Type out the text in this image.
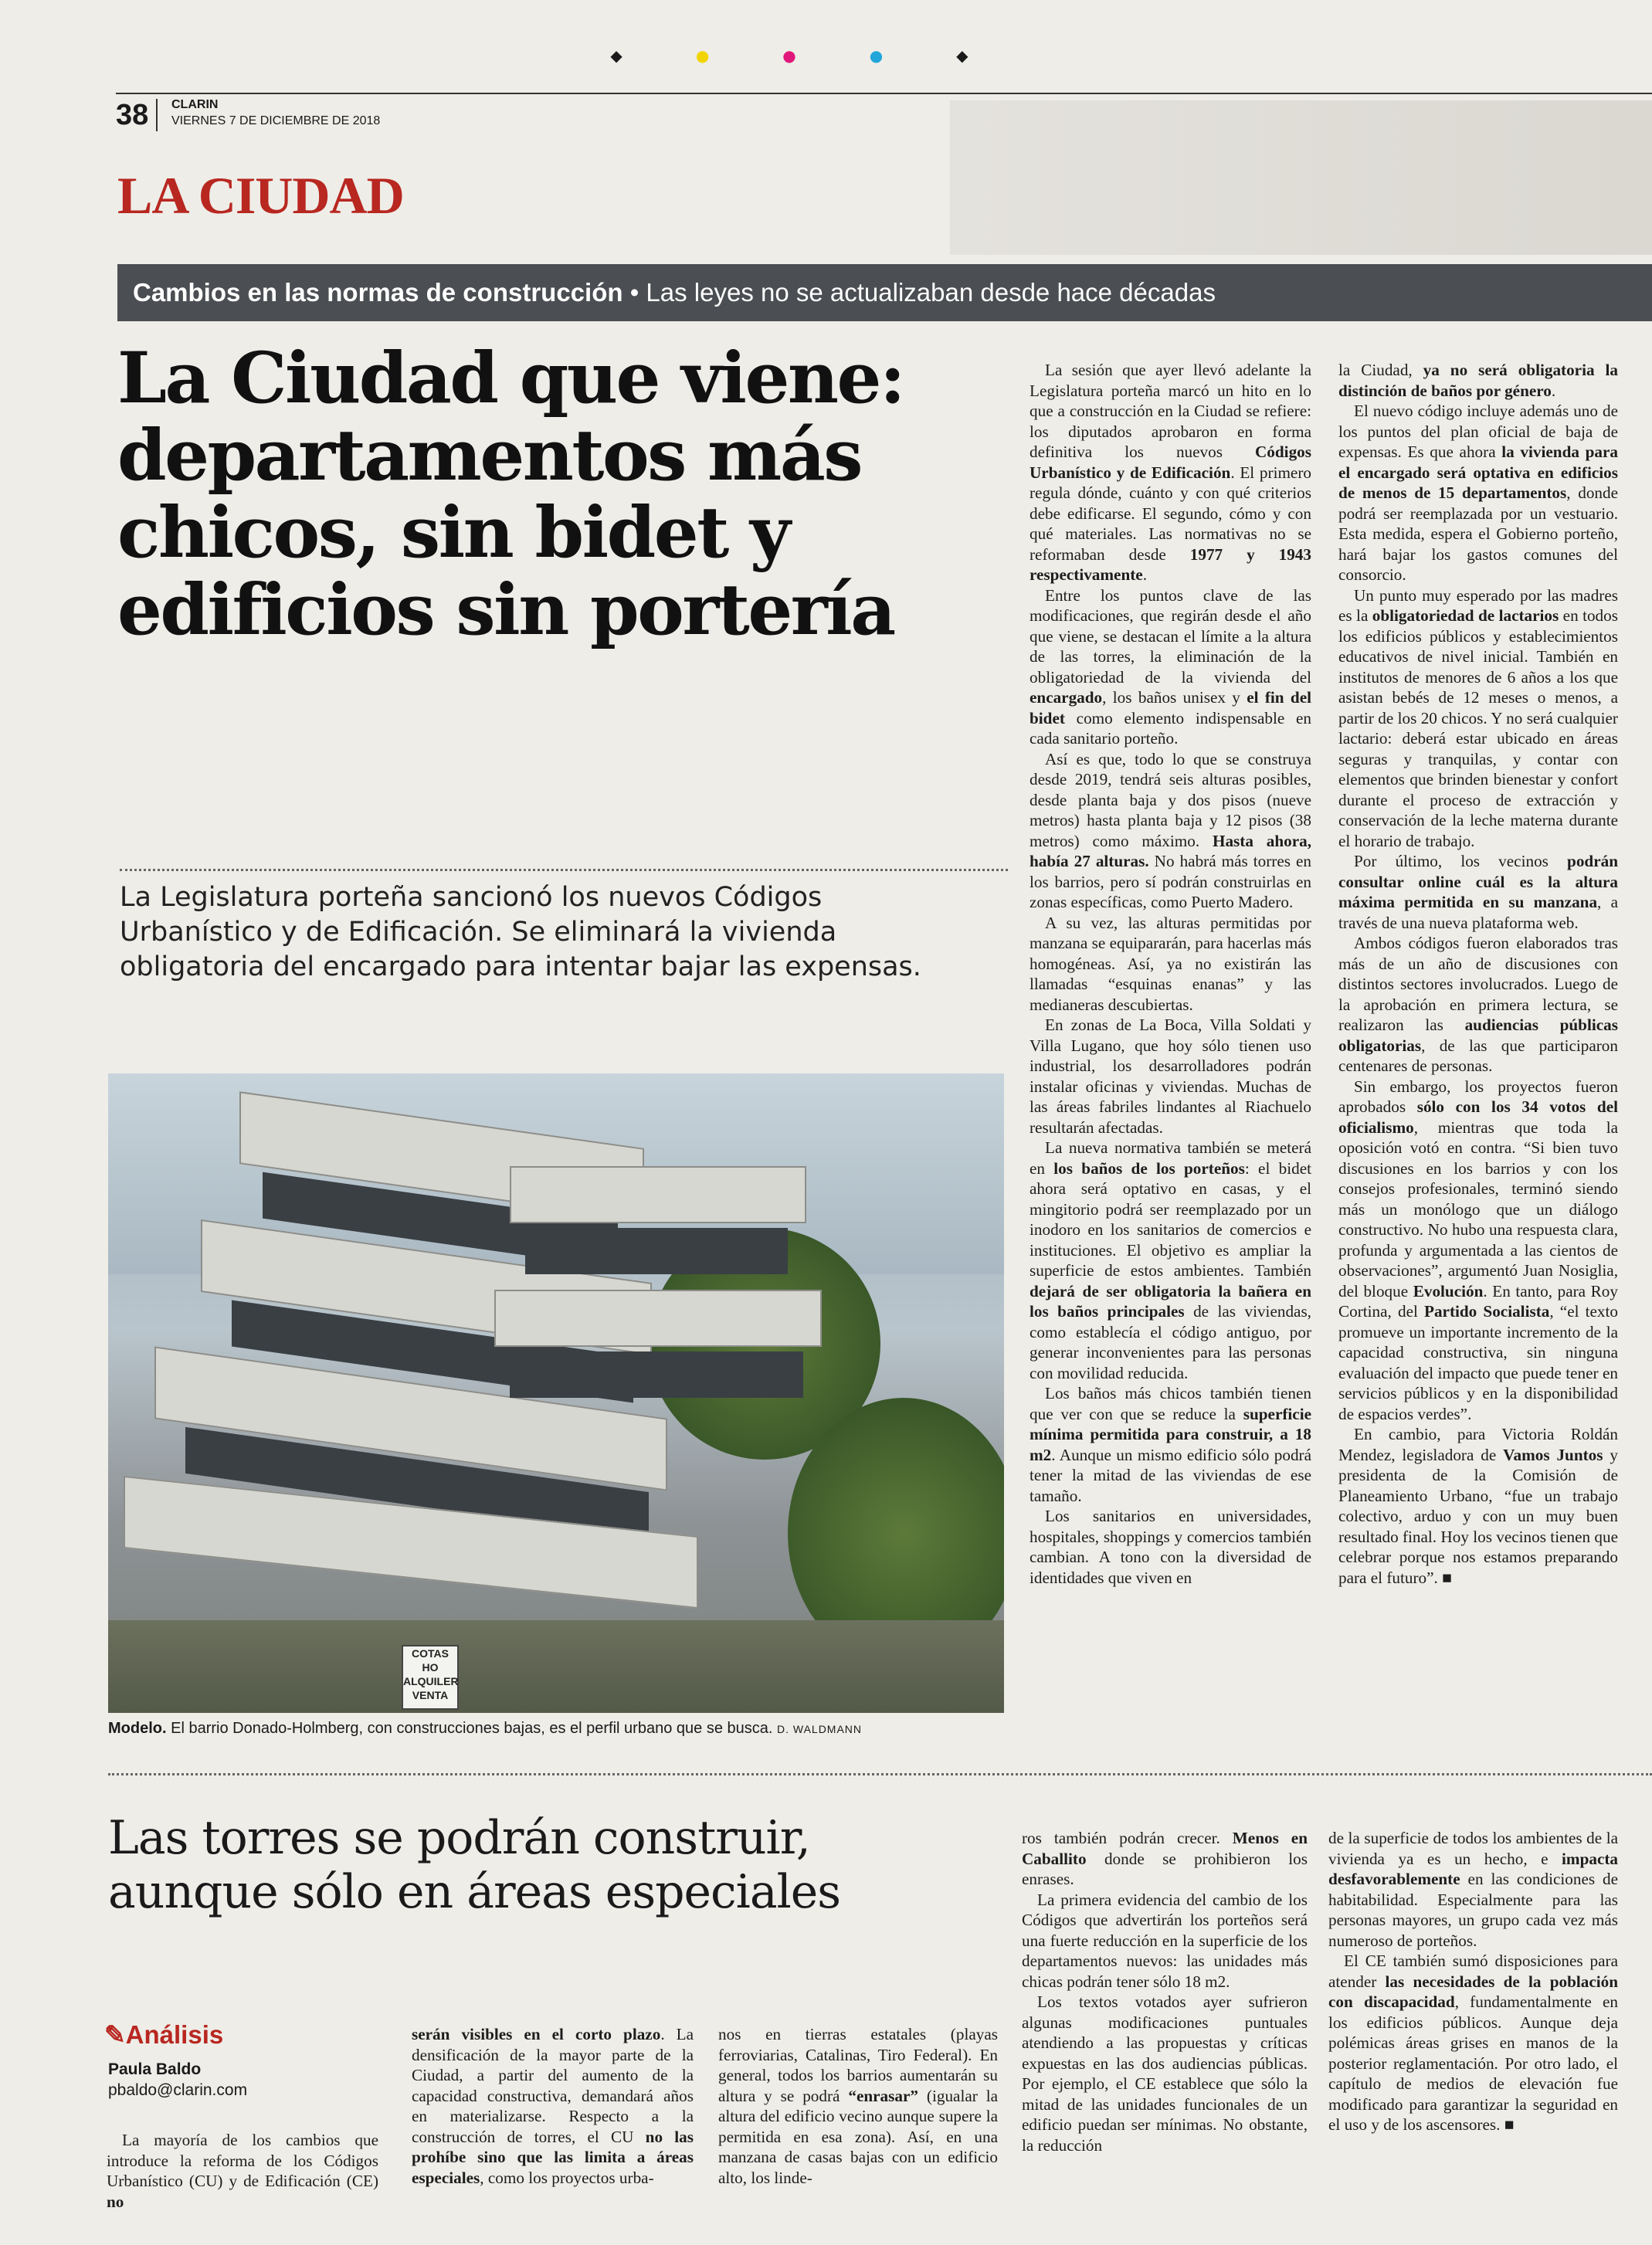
◆●●●◆
38	CLARIN
VIERNES 7 DE DICIEMBRE DE 2018
LA CIUDAD
Cambios en las normas de construcción • Las leyes no se actualizaban desde hace décadas
La Ciudad que viene:
departamentos más
chicos, sin bidet y
edificios sin portería
La Legislatura porteña sancionó los nuevos Códigos
Urbanístico y de Edificación. Se eliminará la vivienda
obligatoria del encargado para intentar bajar las expensas.
COTAS
HO
ALQUILER
VENTA
Modelo. El barrio Donado-Holmberg, con construcciones bajas, es el perfil urbano que se busca. D. WALDMANN

La sesión que ayer llevó adelante la Legislatura porteña marcó un hito en lo que a construcción en la Ciudad se refiere: los diputados aprobaron en forma definitiva los nuevos Códigos Urbanístico y de Edificación. El primero regula dónde, cuánto y con qué criterios debe edificarse. El segundo, cómo y con qué materiales. Las normativas no se reformaban desde 1977 y 1943 respectivamente.

Entre los puntos clave de las modificaciones, que regirán desde el año que viene, se destacan el límite a la altura de las torres, la eliminación de la obligatoriedad de la vivienda del encargado, los baños unisex y el fin del bidet como elemento indispensable en cada sanitario porteño.

Así es que, todo lo que se construya desde 2019, tendrá seis alturas posibles, desde planta baja y dos pisos (nueve metros) hasta planta baja y 12 pisos (38 metros) como máximo. Hasta ahora, había 27 alturas. No habrá más torres en los barrios, pero sí podrán construirlas en zonas específicas, como Puerto Madero.

A su vez, las alturas permitidas por manzana se equipararán, para hacerlas más homogéneas. Así, ya no existirán las llamadas “esquinas enanas” y las medianeras descubiertas.

En zonas de La Boca, Villa Soldati y Villa Lugano, que hoy sólo tienen uso industrial, los desarrolladores podrán instalar oficinas y viviendas. Muchas de las áreas fabriles lindantes al Riachuelo resultarán afectadas.

La nueva normativa también se meterá en los baños de los porteños: el bidet ahora será optativo en casas, y el mingitorio podrá ser reemplazado por un inodoro en los sanitarios de comercios e instituciones. El objetivo es ampliar la superficie de estos ambientes. También dejará de ser obligatoria la bañera en los baños principales de las viviendas, como establecía el código antiguo, por generar inconvenientes para las personas con movilidad reducida.

Los baños más chicos también tienen que ver con que se reduce la superficie mínima permitida para construir, a 18 m2. Aunque un mismo edificio sólo podrá tener la mitad de las viviendas de ese tamaño.

Los sanitarios en universidades, hospitales, shoppings y comercios también cambian. A tono con la diversidad de identidades que viven en

la Ciudad, ya no será obligatoria la distinción de baños por género.

El nuevo código incluye además uno de los puntos del plan oficial de baja de expensas. Es que ahora la vivienda para el encargado será optativa en edificios de menos de 15 departamentos, donde podrá ser reemplazada por un vestuario. Esta medida, espera el Gobierno porteño, hará bajar los gastos comunes del consorcio.

Un punto muy esperado por las madres es la obligatoriedad de lactarios en todos los edificios públicos y establecimientos educativos de nivel inicial. También en institutos de menores de 6 años a los que asistan bebés de 12 meses o menos, a partir de los 20 chicos. Y no será cualquier lactario: deberá estar ubicado en áreas seguras y tranquilas, y contar con elementos que brinden bienestar y confort durante el proceso de extracción y conservación de la leche materna durante el horario de trabajo.

Por último, los vecinos podrán consultar online cuál es la altura máxima permitida en su manzana, a través de una nueva plataforma web.

Ambos códigos fueron elaborados tras más de un año de discusiones con distintos sectores involucrados. Luego de la aprobación en primera lectura, se realizaron las audiencias públicas obligatorias, de las que participaron centenares de personas.

Sin embargo, los proyectos fueron aprobados sólo con los 34 votos del oficialismo, mientras que toda la oposición votó en contra. “Si bien tuvo discusiones en los barrios y con los consejos profesionales, terminó siendo más un monólogo que un diálogo constructivo. No hubo una respuesta clara, profunda y argumentada a las cientos de observaciones”, argumentó Juan Nosiglia, del bloque Evolución. En tanto, para Roy Cortina, del Partido Socialista, “el texto promueve un importante incremento de la capacidad constructiva, sin ninguna evaluación del impacto que puede tener en servicios públicos y en la disponibilidad de espacios verdes”.

En cambio, para Victoria Roldán Mendez, legisladora de Vamos Juntos y presidenta de la Comisión de Planeamiento Urbano, “fue un trabajo colectivo, arduo y con un muy buen resultado final. Hoy los vecinos tienen que celebrar porque nos estamos preparando para el futuro”. ■

Las torres se podrán construir,
aunque sólo en áreas especiales
✎Análisis
Paula Baldo
pbaldo@clarin.com

La mayoría de los cambios que introduce la reforma de los Códigos Urbanístico (CU) y de Edificación (CE) no

serán visibles en el corto plazo. La densificación de la mayor parte de la Ciudad, a partir del aumento de la capacidad constructiva, demandará años en materializarse. Respecto a la construcción de torres, el CU no las prohíbe sino que las limita a áreas especiales, como los proyectos urba-

nos en tierras estatales (playas ferroviarias, Catalinas, Tiro Federal). En general, todos los barrios aumentarán su altura y se podrá “enrasar” (igualar la altura del edificio vecino aunque supere la permitida en esa zona). Así, en una manzana de casas bajas con un edificio alto, los linde-

ros también podrán crecer. Menos en Caballito donde se prohibieron los enrases.

La primera evidencia del cambio de los Códigos que advertirán los porteños será una fuerte reducción en la superficie de los departamentos nuevos: las unidades más chicas podrán tener sólo 18 m2.

Los textos votados ayer sufrieron algunas modificaciones puntuales atendiendo a las propuestas y críticas expuestas en las dos audiencias públicas. Por ejemplo, el CE establece que sólo la mitad de las unidades funcionales de un edificio puedan ser mínimas. No obstante, la reducción

de la superficie de todos los ambientes de la vivienda ya es un hecho, e impacta desfavorablemente en las condiciones de habitabilidad. Especialmente para las personas mayores, un grupo cada vez más numeroso de porteños.

El CE también sumó disposiciones para atender las necesidades de la población con discapacidad, fundamentalmente en los edificios públicos. Aunque deja polémicas áreas grises en manos de la posterior reglamentación. Por otro lado, el capítulo de medios de elevación fue modificado para garantizar la seguridad en el uso y de los ascensores. ■
